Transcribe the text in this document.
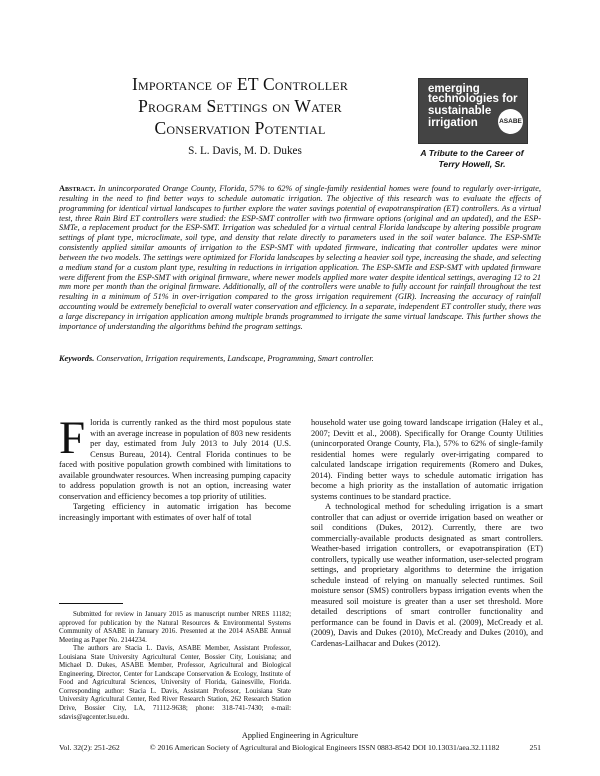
Importance of ET Controller
Program Settings on Water
Conservation Potential
S. L. Davis, M. D. Dukes
emerging
technologies for
sustainable
irrigation	ASABE
A Tribute to the Career of
Terry Howell, Sr.
Abstract. In unincorporated Orange County, Florida, 57% to 62% of single-family residential homes were found to regularly over-irrigate, resulting in the need to find better ways to schedule automatic irrigation. The objective of this research was to evaluate the effects of programming for identical virtual landscapes to further explore the water savings potential of evapotranspiration (ET) controllers. As a virtual test, three Rain Bird ET controllers were studied: the ESP-SMT controller with two firmware options (original and an updated), and the ESP-SMTe, a replacement product for the ESP-SMT. Irrigation was scheduled for a virtual central Florida landscape by altering possible program settings of plant type, microclimate, soil type, and density that relate directly to parameters used in the soil water balance. The ESP-SMTe consistently applied similar amounts of irrigation to the ESP-SMT with updated firmware, indicating that controller updates were minor between the two models. The settings were optimized for Florida landscapes by selecting a heavier soil type, increasing the shade, and selecting a medium stand for a custom plant type, resulting in reductions in irrigation application. The ESP-SMTe and ESP-SMT with updated firmware were different from the ESP-SMT with original firmware, where newer models applied more water despite identical settings, averaging 12 to 21 mm more per month than the original firmware. Additionally, all of the controllers were unable to fully account for rainfall throughout the test resulting in a minimum of 51% in over-irrigation compared to the gross irrigation requirement (GIR). Increasing the accuracy of rainfall accounting would be extremely beneficial to overall water conservation and efficiency. In a separate, independent ET controller study, there was a large discrepancy in irrigation application among multiple brands programmed to irrigate the same virtual landscape. This further shows the importance of understanding the algorithms behind the program settings.
Keywords. Conservation, Irrigation requirements, Landscape, Programming, Smart controller.

Florida is currently ranked as the third most populous state with an average increase in population of 803 new residents per day, estimated from July 2013 to July 2014 (U.S. Census Bureau, 2014). Central Florida continues to be faced with positive population growth combined with limitations to available groundwater resources. When increasing pumping capacity to address population growth is not an option, increasing water conservation and efficiency becomes a top priority of utilities.

Targeting efficiency in automatic irrigation has become increasingly important with estimates of over half of total

household water use going toward landscape irrigation (Haley et al., 2007; Devitt et al., 2008). Specifically for Orange County Utilities (unincorporated Orange County, Fla.), 57% to 62% of single-family residential homes were regularly over-irrigating compared to calculated landscape irrigation requirements (Romero and Dukes, 2014). Finding better ways to schedule automatic irrigation has become a high priority as the installation of automatic irrigation systems continues to be standard practice.

A technological method for scheduling irrigation is a smart controller that can adjust or override irrigation based on weather or soil conditions (Dukes, 2012). Currently, there are two commercially-available products designated as smart controllers. Weather-based irrigation controllers, or evapotranspiration (ET) controllers, typically use weather information, user-selected program settings, and proprietary algorithms to determine the irrigation schedule instead of relying on manually selected runtimes. Soil moisture sensor (SMS) controllers bypass irrigation events when the measured soil moisture is greater than a user set threshold. More detailed descriptions of smart controller functionality and performance can be found in Davis et al. (2009), McCready et al. (2009), Davis and Dukes (2010), McCready and Dukes (2010), and Cardenas-Lailhacar and Dukes (2012).

Submitted for review in January 2015 as manuscript number NRES 11182; approved for publication by the Natural Resources & Environmental Systems Community of ASABE in January 2016. Presented at the 2014 ASABE Annual Meeting as Paper No. 2144234.

The authors are Stacia L. Davis, ASABE Member, Assistant Professor, Louisiana State University Agricultural Center, Bossier City, Louisiana; and Michael D. Dukes, ASABE Member, Professor, Agricultural and Biological Engineering, Director, Center for Landscape Conservation & Ecology, Institute of Food and Agricultural Sciences, University of Florida, Gainesville, Florida. Corresponding author: Stacia L. Davis, Assistant Professor, Louisiana State University Agricultural Center, Red River Research Station, 262 Research Station Drive, Bossier City, LA, 71112-9638; phone: 318-741-7430; e-mail: sdavis@agcenter.lsu.edu.

Applied Engineering in Agriculture
Vol. 32(2): 251-262	© 2016 American Society of Agricultural and Biological Engineers ISSN 0883-8542 DOI 10.13031/aea.32.11182	251
